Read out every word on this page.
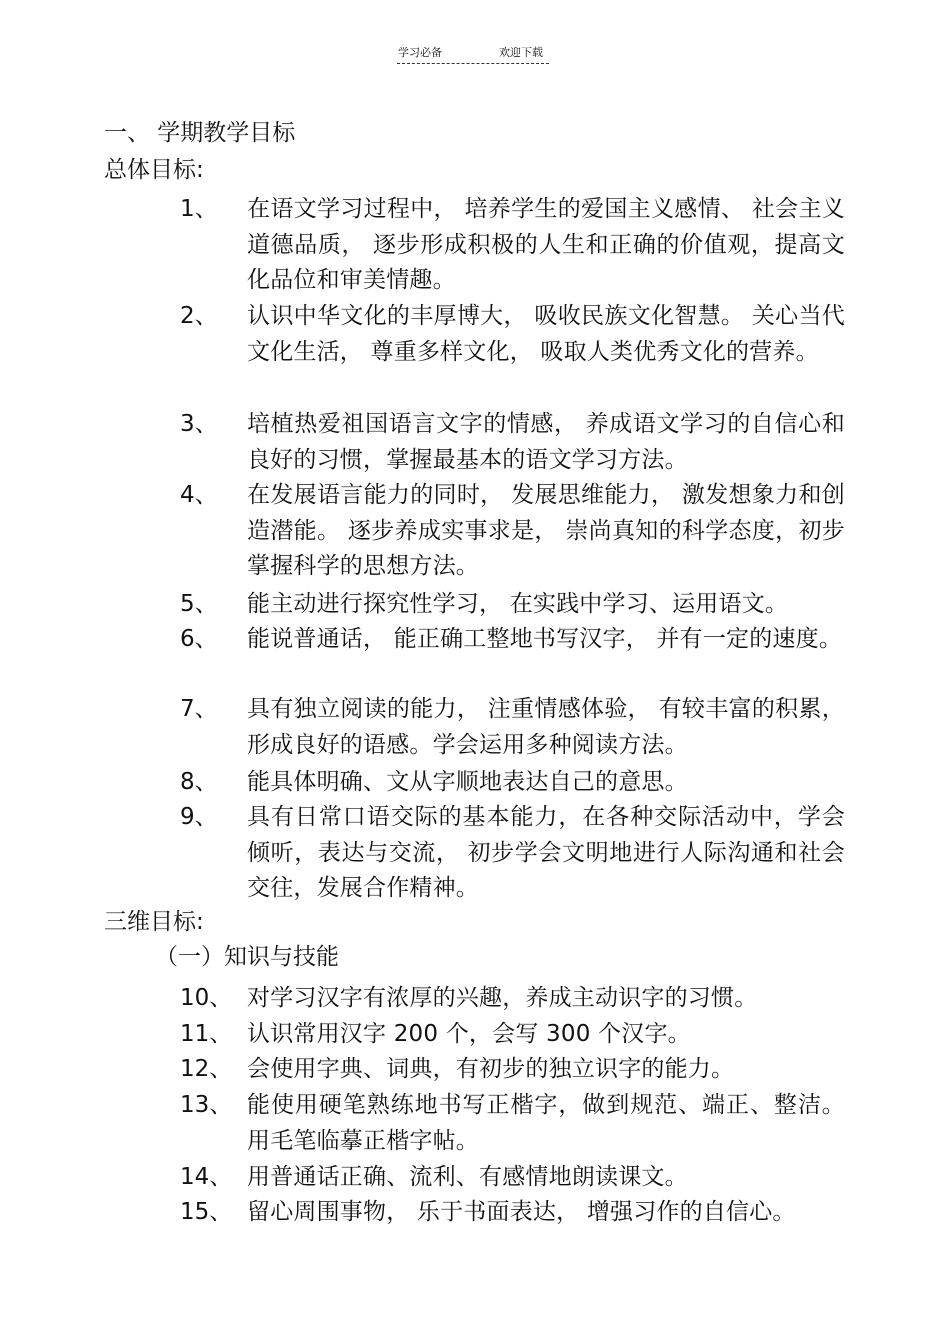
学习必备	欢迎下载
一、 学期教学目标
总体目标:
1、	在语文学习过程中， 培养学生的爱国主义感情、 社会主义道德品质， 逐步形成积极的人生和正确的价值观，提高文化品位和审美情趣。
2、	认识中华文化的丰厚博大， 吸收民族文化智慧。 关心当代文化生活， 尊重多样文化， 吸取人类优秀文化的营养。
3、	培植热爱祖国语言文字的情感， 养成语文学习的自信心和良好的习惯，掌握最基本的语文学习方法。
4、	在发展语言能力的同时， 发展思维能力， 激发想象力和创造潜能。 逐步养成实事求是， 崇尚真知的科学态度，初步掌握科学的思想方法。
5、	能主动进行探究性学习， 在实践中学习、运用语文。
6、	能说普通话， 能正确工整地书写汉字， 并有一定的速度。
7、	具有独立阅读的能力， 注重情感体验， 有较丰富的积累，形成良好的语感。学会运用多种阅读方法。
8、	能具体明确、文从字顺地表达自己的意思。
9、	具有日常口语交际的基本能力，在各种交际活动中，学会倾听，表达与交流， 初步学会文明地进行人际沟通和社会交往，发展合作精神。
三维目标:
（一）知识与技能
10、 对学习汉字有浓厚的兴趣，养成主动识字的习惯。
11、 认识常用汉字 200 个，会写 300 个汉字。
12、 会使用字典、词典，有初步的独立识字的能力。
13、 能使用硬笔熟练地书写正楷字，做到规范、端正、整洁。用毛笔临摹正楷字帖。
14、 用普通话正确、流利、有感情地朗读课文。
15、 留心周围事物， 乐于书面表达， 增强习作的自信心。
